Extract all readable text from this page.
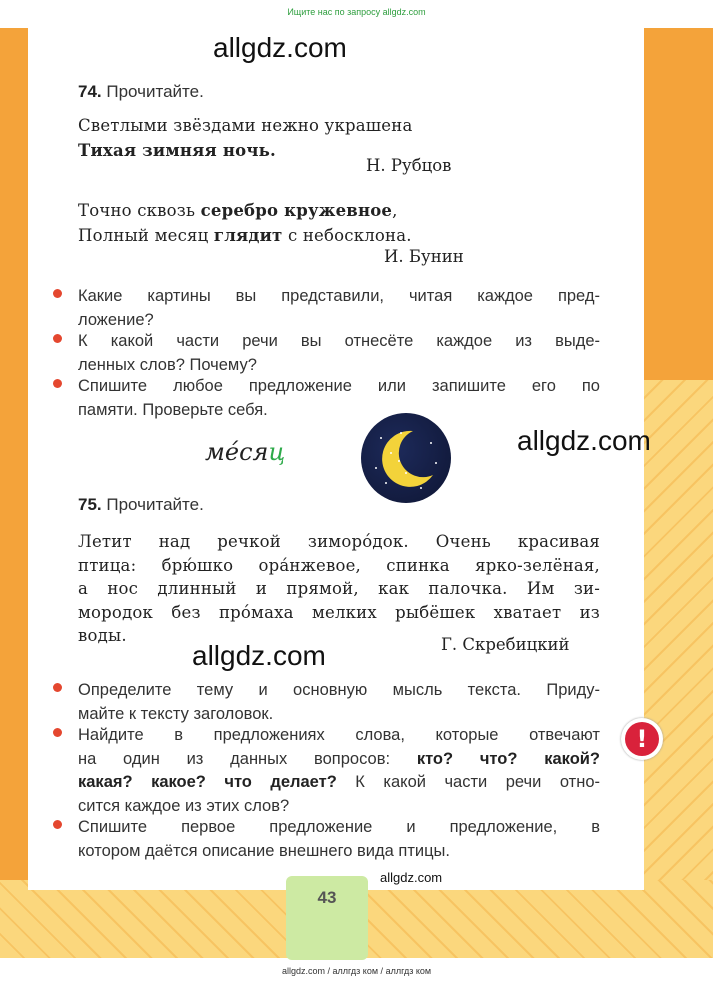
Ищите нас по запросу allgdz.com
allgdz.com
74. Прочитайте.
Светлыми звёздами нежно украшена
Тихая зимняя ночь.
Н. Рубцов
Точно сквозь серебро кружевное,
Полный месяц глядит с небосклона.
И. Бунин
Какие картины вы представили, читая каждое пред-
ложение?
К какой части речи вы отнесёте каждое из выде-
ленных слов? Почему?
Спишите любое предложение или запишите его по
памяти. Проверьте себя.
ме́сяц	allgdz.com
75. Прочитайте.
Летит над речкой зимоpóдок. Очень красивая
птица: брю́шко ора́нжевое, спинка ярко-зелёная,
а нос длинный и прямой, как палочка. Им зи-
мородок без прóмаха мелких рыбёшек хватает из
воды.	Г. Скребицкий
allgdz.com
Определите тему и основную мысль текста. Приду-
майте к тексту заголовок.
Найдите в предложениях слова, которые отвечают
на один из данных вопросов: кто? что? какой?
какая? какое? что делает? К какой части речи отно-
сится каждое из этих слов?
Спишите первое предложение и предложение, в
котором даётся описание внешнего вида птицы.
!
allgdz.com
43
allgdz.com / аллгдз ком / аллгдз ком
